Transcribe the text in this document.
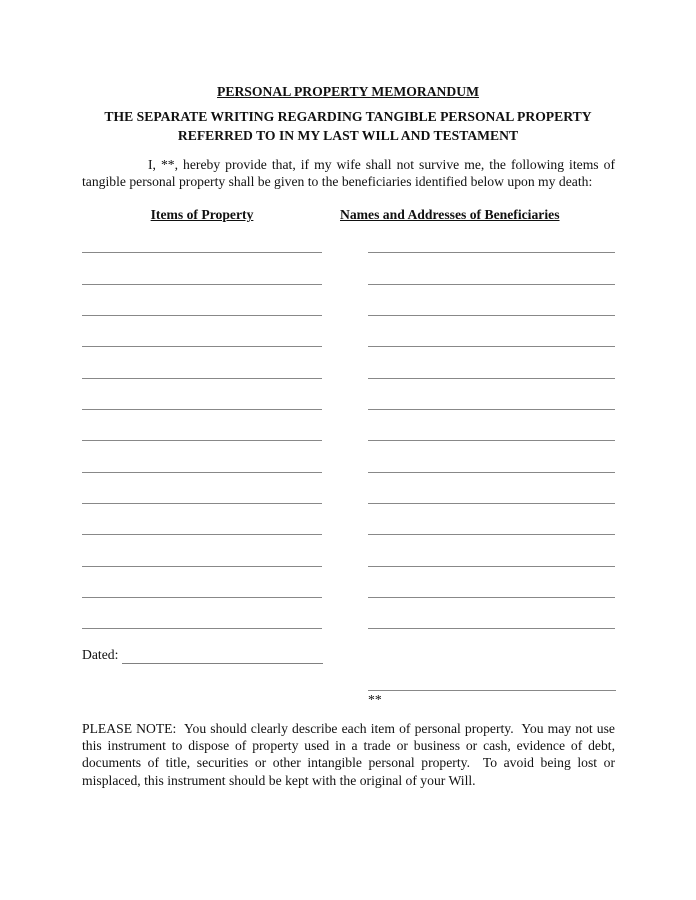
PERSONAL PROPERTY MEMORANDUM
THE SEPARATE WRITING REGARDING TANGIBLE PERSONAL PROPERTY
REFERRED TO IN MY LAST WILL AND TESTAMENT
I, **, hereby provide that, if my wife shall not survive me, the following items of tangible personal property shall be given to the beneficiaries identified below upon my death:
Items of Property	Names and Addresses of Beneficiaries
Dated:
**
PLEASE NOTE:  You should clearly describe each item of personal property.  You may not use this instrument to dispose of property used in a trade or business or cash, evidence of debt, documents of title, securities or other intangible personal property.  To avoid being lost or misplaced, this instrument should be kept with the original of your Will.
